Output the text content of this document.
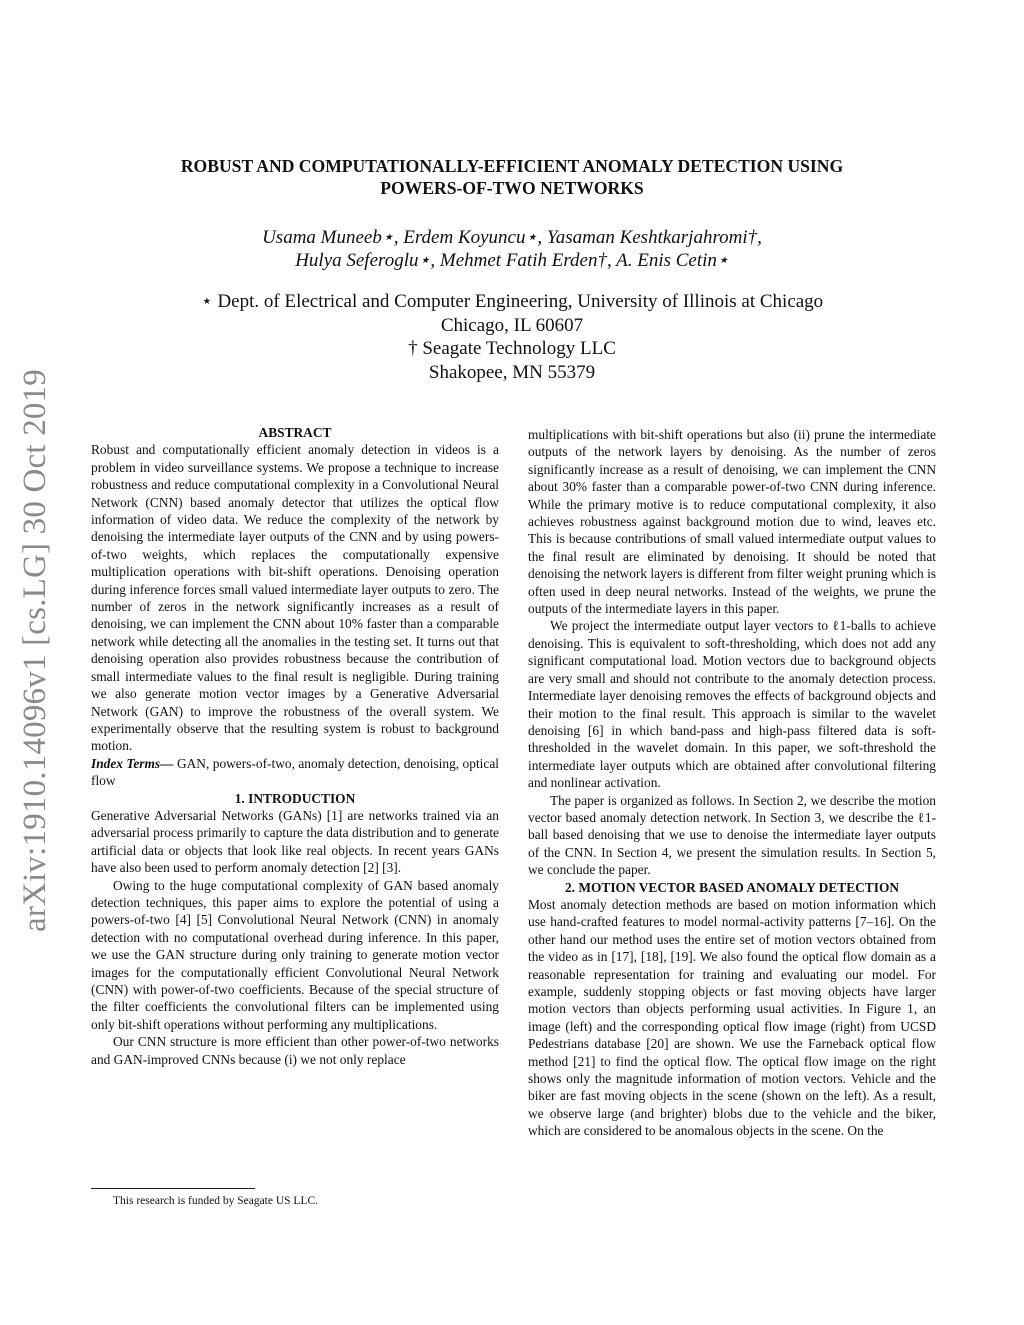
arXiv:1910.14096v1 [cs.LG] 30 Oct 2019
ROBUST AND COMPUTATIONALLY-EFFICIENT ANOMALY DETECTION USING
POWERS-OF-TWO NETWORKS
Usama Muneeb⋆, Erdem Koyuncu⋆, Yasaman Keshtkarjahromi†,
Hulya Seferoglu⋆, Mehmet Fatih Erden†, A. Enis Cetin⋆
⋆ Dept. of Electrical and Computer Engineering, University of Illinois at Chicago
Chicago, IL 60607
† Seagate Technology LLC
Shakopee, MN 55379

ABSTRACT

Robust and computationally efficient anomaly detection in videos is a problem in video surveillance systems. We propose a technique to increase robustness and reduce computational complexity in a Convolutional Neural Network (CNN) based anomaly detector that utilizes the optical flow information of video data. We reduce the complexity of the network by denoising the intermediate layer outputs of the CNN and by using powers-of-two weights, which replaces the computationally expensive multiplication operations with bit-shift operations. Denoising operation during inference forces small valued intermediate layer outputs to zero. The number of zeros in the network significantly increases as a result of denoising, we can implement the CNN about 10% faster than a comparable network while detecting all the anomalies in the testing set. It turns out that denoising operation also provides robustness because the contribution of small intermediate values to the final result is negligible. During training we also generate motion vector images by a Generative Adversarial Network (GAN) to improve the robustness of the overall system. We experimentally observe that the resulting system is robust to background motion.

Index Terms— GAN, powers-of-two, anomaly detection, denoising, optical flow

1. INTRODUCTION

Generative Adversarial Networks (GANs) [1] are networks trained via an adversarial process primarily to capture the data distribution and to generate artificial data or objects that look like real objects. In recent years GANs have also been used to perform anomaly detection [2] [3].

Owing to the huge computational complexity of GAN based anomaly detection techniques, this paper aims to explore the potential of using a powers-of-two [4] [5] Convolutional Neural Network (CNN) in anomaly detection with no computational overhead during inference. In this paper, we use the GAN structure during only training to generate motion vector images for the computationally efficient Convolutional Neural Network (CNN) with power-of-two coefficients. Because of the special structure of the filter coefficients the convolutional filters can be implemented using only bit-shift operations without performing any multiplications.

Our CNN structure is more efficient than other power-of-two networks and GAN-improved CNNs because (i) we not only replace

multiplications with bit-shift operations but also (ii) prune the intermediate outputs of the network layers by denoising. As the number of zeros significantly increase as a result of denoising, we can implement the CNN about 30% faster than a comparable power-of-two CNN during inference. While the primary motive is to reduce computational complexity, it also achieves robustness against background motion due to wind, leaves etc. This is because contributions of small valued intermediate output values to the final result are eliminated by denoising. It should be noted that denoising the network layers is different from filter weight pruning which is often used in deep neural networks. Instead of the weights, we prune the outputs of the intermediate layers in this paper.

We project the intermediate output layer vectors to ℓ1-balls to achieve denoising. This is equivalent to soft-thresholding, which does not add any significant computational load. Motion vectors due to background objects are very small and should not contribute to the anomaly detection process. Intermediate layer denoising removes the effects of background objects and their motion to the final result. This approach is similar to the wavelet denoising [6] in which band-pass and high-pass filtered data is soft-thresholded in the wavelet domain. In this paper, we soft-threshold the intermediate layer outputs which are obtained after convolutional filtering and nonlinear activation.

The paper is organized as follows. In Section 2, we describe the motion vector based anomaly detection network. In Section 3, we describe the ℓ1-ball based denoising that we use to denoise the intermediate layer outputs of the CNN. In Section 4, we present the simulation results. In Section 5, we conclude the paper.

2. MOTION VECTOR BASED ANOMALY DETECTION

Most anomaly detection methods are based on motion information which use hand-crafted features to model normal-activity patterns [7–16]. On the other hand our method uses the entire set of motion vectors obtained from the video as in [17], [18], [19]. We also found the optical flow domain as a reasonable representation for training and evaluating our model. For example, suddenly stopping objects or fast moving objects have larger motion vectors than objects performing usual activities. In Figure 1, an image (left) and the corresponding optical flow image (right) from UCSD Pedestrians database [20] are shown. We use the Farneback optical flow method [21] to find the optical flow. The optical flow image on the right shows only the magnitude information of motion vectors. Vehicle and the biker are fast moving objects in the scene (shown on the left). As a result, we observe large (and brighter) blobs due to the vehicle and the biker, which are considered to be anomalous objects in the scene. On the

This research is funded by Seagate US LLC.
